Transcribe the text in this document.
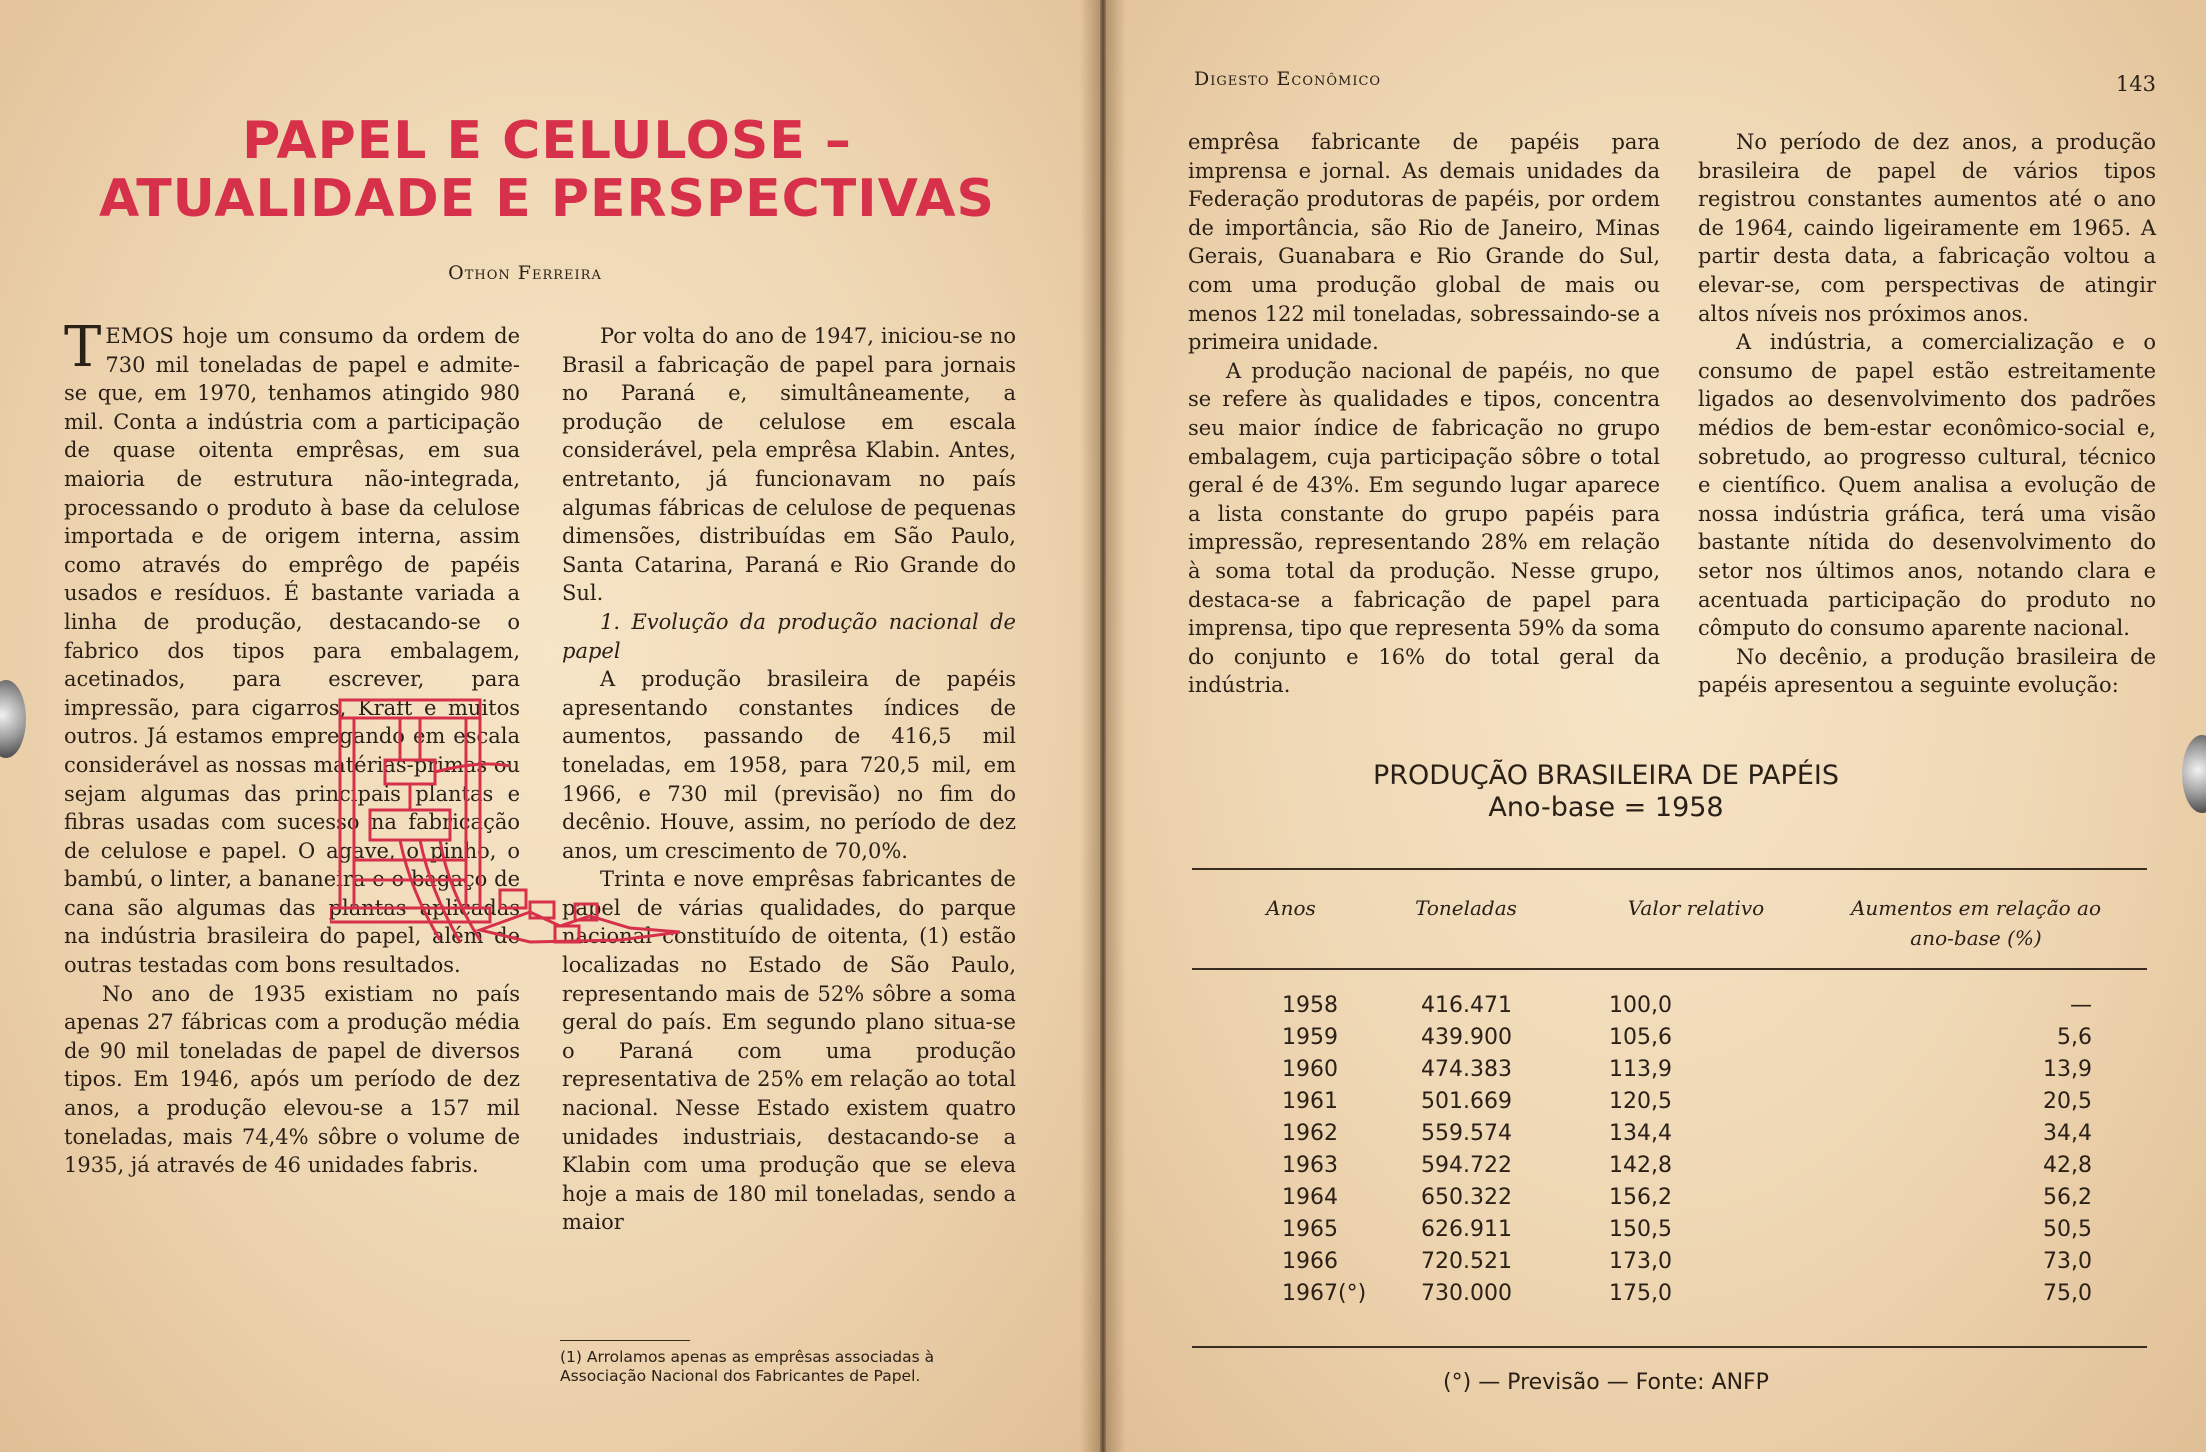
PAPEL E CELULOSE – ATUALIDADE E PERSPECTIVAS
Othon Ferreira

TEMOS hoje um consumo da ordem de 730 mil toneladas de papel e admite-se que, em 1970, tenhamos atingido 980 mil. Conta a indústria com a participação de quase oitenta emprêsas, em sua maioria de estrutura não-integrada, processando o produto à base da celulose importada e de origem interna, assim como através do emprêgo de papéis usados e resíduos. É bastante variada a linha de produção, destacando-se o fabrico dos tipos para embalagem, acetinados, para escrever, para impressão, para cigarros, Kraft e muitos outros. Já estamos empregando em escala considerável as nossas matérias-primas ou sejam algumas das principais plantas e fibras usadas com sucesso na fabricação de celulose e papel. O agave, o pinho, o bambú, o linter, a bananeira e o bagaço de cana são algumas das plantas aplicadas na indústria brasileira do papel, além de outras testadas com bons resultados.

No ano de 1935 existiam no país apenas 27 fábricas com a produção média de 90 mil toneladas de papel de diversos tipos. Em 1946, após um período de dez anos, a produção elevou-se a 157 mil toneladas, mais 74,4% sôbre o volume de 1935, já através de 46 unidades fabris.

Por volta do ano de 1947, iniciou-se no Brasil a fabricação de papel para jornais no Paraná e, simultâneamente, a produção de celulose em escala considerável, pela emprêsa Klabin. Antes, entretanto, já funcionavam no país algumas fábricas de celulose de pequenas dimensões, distribuídas em São Paulo, Santa Catarina, Paraná e Rio Grande do Sul.

1. Evolução da produção nacional de papel

A produção brasileira de papéis apresentando constantes índices de aumentos, passando de 416,5 mil toneladas, em 1958, para 720,5 mil, em 1966, e 730 mil (previsão) no fim do decênio. Houve, assim, no período de dez anos, um crescimento de 70,0%.

Trinta e nove emprêsas fabricantes de papel de várias qualidades, do parque nacional constituído de oitenta, (1) estão localizadas no Estado de São Paulo, representando mais de 52% sôbre a soma geral do país. Em segundo plano situa-se o Paraná com uma produção representativa de 25% em relação ao total nacional. Nesse Estado existem quatro unidades industriais, destacando-se a Klabin com uma produção que se eleva hoje a mais de 180 mil toneladas, sendo a maior

(1) Arrolamos apenas as emprêsas associadas à Associação Nacional dos Fabricantes de Papel.
Digesto Econômico	143

emprêsa fabricante de papéis para imprensa e jornal. As demais unidades da Federação produtoras de papéis, por ordem de importância, são Rio de Janeiro, Minas Gerais, Guanabara e Rio Grande do Sul, com uma produção global de mais ou menos 122 mil toneladas, sobressaindo-se a primeira unidade.

A produção nacional de papéis, no que se refere às qualidades e tipos, concentra seu maior índice de fabricação no grupo embalagem, cuja participação sôbre o total geral é de 43%. Em segundo lugar aparece a lista constante do grupo papéis para impressão, representando 28% em relação à soma total da produção. Nesse grupo, destaca-se a fabricação de papel para imprensa, tipo que representa 59% da soma do conjunto e 16% do total geral da indústria.

No período de dez anos, a produção brasileira de papel de vários tipos registrou constantes aumentos até o ano de 1964, caindo ligeiramente em 1965. A partir desta data, a fabricação voltou a elevar-se, com perspectivas de atingir altos níveis nos próximos anos.

A indústria, a comercialização e o consumo de papel estão estreitamente ligados ao desenvolvimento dos padrões médios de bem-estar econômico-social e, sobretudo, ao progresso cultural, técnico e científico. Quem analisa a evolução de nossa indústria gráfica, terá uma visão bastante nítida do desenvolvimento do setor nos últimos anos, notando clara e acentuada participação do produto no cômputo do consumo aparente nacional.

No decênio, a produção brasileira de papéis apresentou a seguinte evolução:

PRODUÇÃO BRASILEIRA DE PAPÉIS
Ano-base = 1958
Anos	Toneladas	Valor relativo	Aumentos em relação ao ano-base (%)
1958	416.471	100,0	—
1959	439.900	105,6	5,6
1960	474.383	113,9	13,9
1961	501.669	120,5	20,5
1962	559.574	134,4	34,4
1963	594.722	142,8	42,8
1964	650.322	156,2	56,2
1965	626.911	150,5	50,5
1966	720.521	173,0	73,0
1967(°)	730.000	175,0	75,0
(°) — Previsão — Fonte: ANFP
